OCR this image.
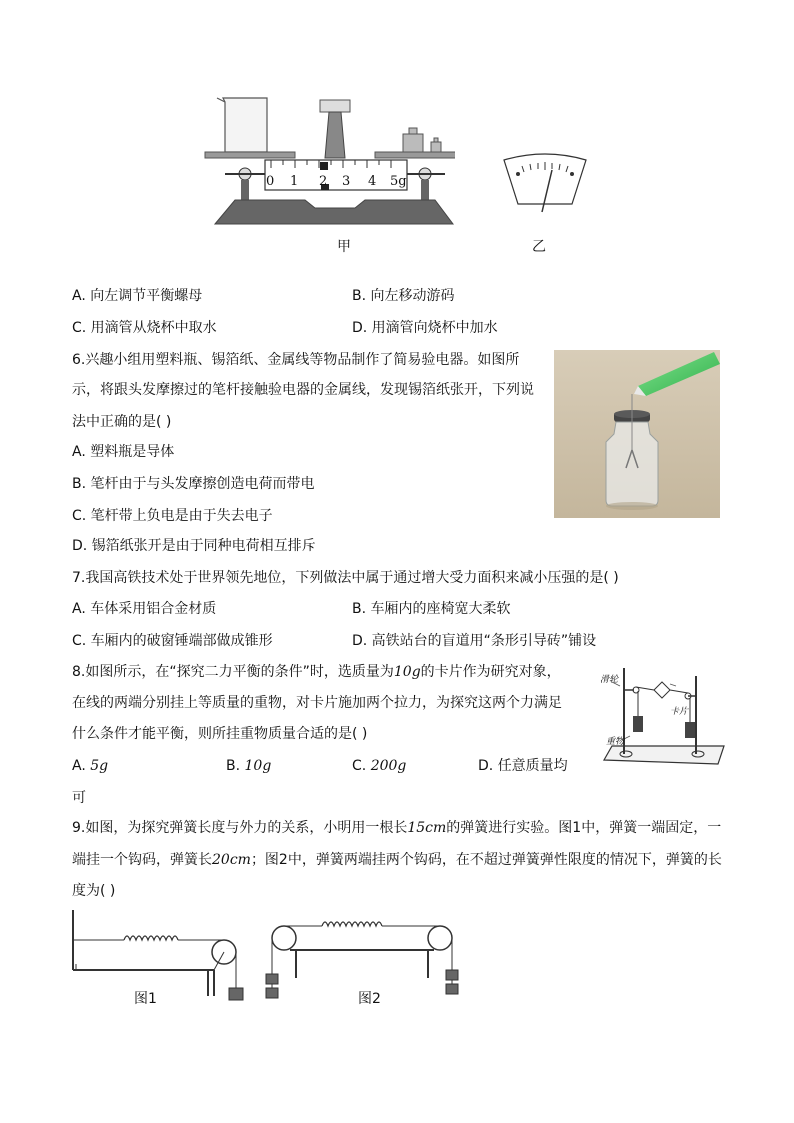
0 1 2 3 4 5g
甲	乙
A. 向左调节平衡螺母	B. 向左移动游码
C. 用滴管从烧杯中取水	D. 用滴管向烧杯中加水
6.兴趣小组用塑料瓶、锡箔纸、金属线等物品制作了简易验电器。如图所
示，将跟头发摩擦过的笔杆接触验电器的金属线，发现锡箔纸张开，下列说
法中正确的是( )
A. 塑料瓶是导体
B. 笔杆由于与头发摩擦创造电荷而带电
C. 笔杆带上负电是由于失去电子
D. 锡箔纸张开是由于同种电荷相互排斥
7.我国高铁技术处于世界领先地位，下列做法中属于通过增大受力面积来减小压强的是( )
A. 车体采用铝合金材质	B. 车厢内的座椅宽大柔软
C. 车厢内的破窗锤端部做成锥形	D. 高铁站台的盲道用“条形引导砖”铺设
8.如图所示，在“探究二力平衡的条件”时，选质量为10g的卡片作为研究对象，
在线的两端分别挂上等质量的重物，对卡片施加两个拉力，为探究这两个力满足
什么条件才能平衡，则所挂重物质量合适的是( )
A. 5g	B. 10g	C. 200g	D. 任意质量均
可
滑轮
卡片
重物
9.如图，为探究弹簧长度与外力的关系，小明用一根长15cm的弹簧进行实验。图1中，弹簧一端固定，一
端挂一个钩码，弹簧长20cm；图2中，弹簧两端挂两个钩码，在不超过弹簧弹性限度的情况下，弹簧的长
度为( )
图1	图2
